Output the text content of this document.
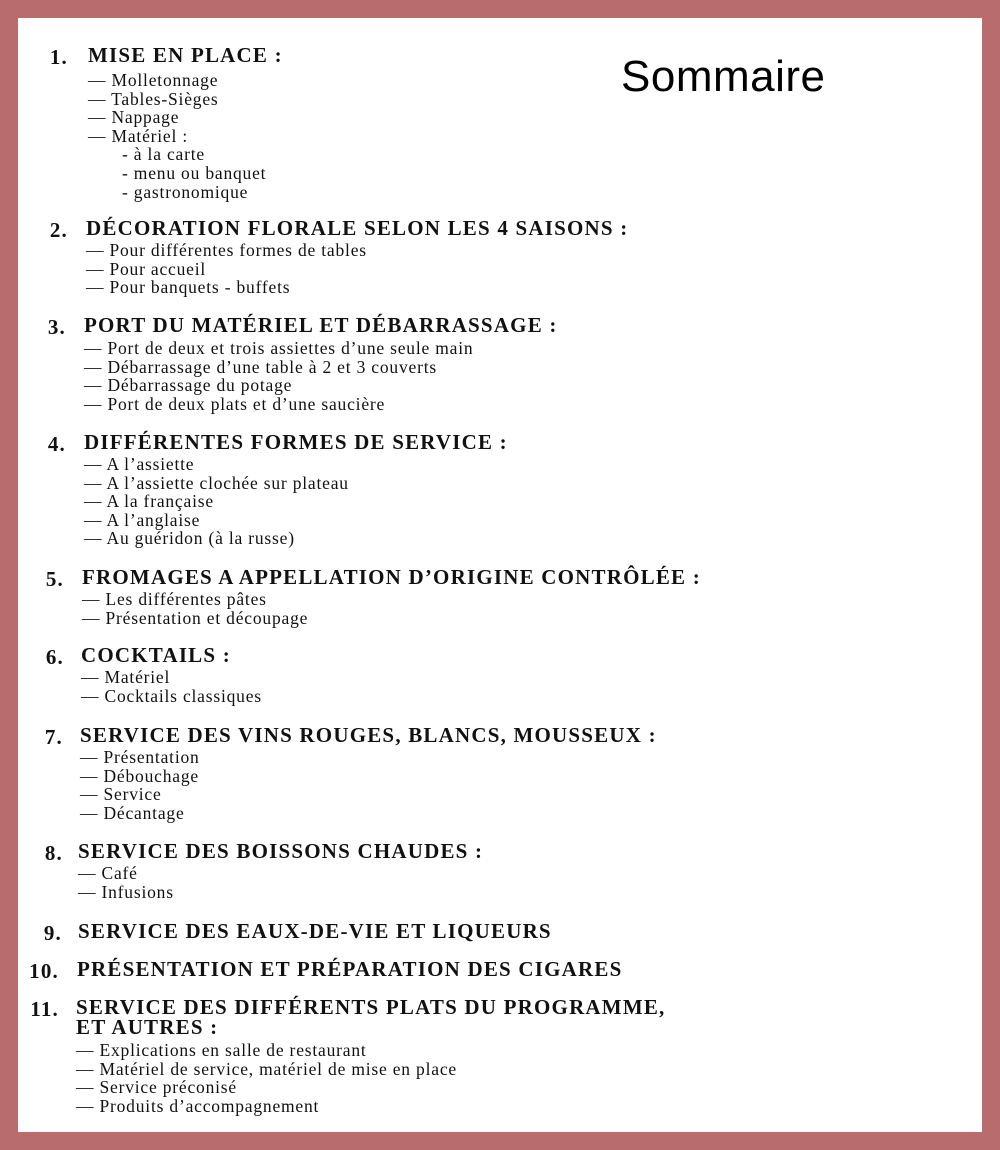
Sommaire
1. MISE EN PLACE :
— Molletonnage
— Tables-Sièges
— Nappage
— Matériel :
- à la carte
- menu ou banquet
- gastronomique
2. DÉCORATION FLORALE SELON LES 4 SAISONS :
— Pour différentes formes de tables
— Pour accueil
— Pour banquets - buffets
3. PORT DU MATÉRIEL ET DÉBARRASSAGE :
— Port de deux et trois assiettes d’une seule main
— Débarrassage d’une table à 2 et 3 couverts
— Débarrassage du potage
— Port de deux plats et d’une saucière
4. DIFFÉRENTES FORMES DE SERVICE :
— A l’assiette
— A l’assiette clochée sur plateau
— A la française
— A l’anglaise
— Au guéridon (à la russe)
5. FROMAGES A APPELLATION D’ORIGINE CONTRÔLÉE :
— Les différentes pâtes
— Présentation et découpage
6. COCKTAILS :
— Matériel
— Cocktails classiques
7. SERVICE DES VINS ROUGES, BLANCS, MOUSSEUX :
— Présentation
— Débouchage
— Service
— Décantage
8. SERVICE DES BOISSONS CHAUDES :
— Café
— Infusions
9. SERVICE DES EAUX-DE-VIE ET LIQUEURS
10. PRÉSENTATION ET PRÉPARATION DES CIGARES
11. SERVICE DES DIFFÉRENTS PLATS DU PROGRAMME,
ET AUTRES :
— Explications en salle de restaurant
— Matériel de service, matériel de mise en place
— Service préconisé
— Produits d’accompagnement
